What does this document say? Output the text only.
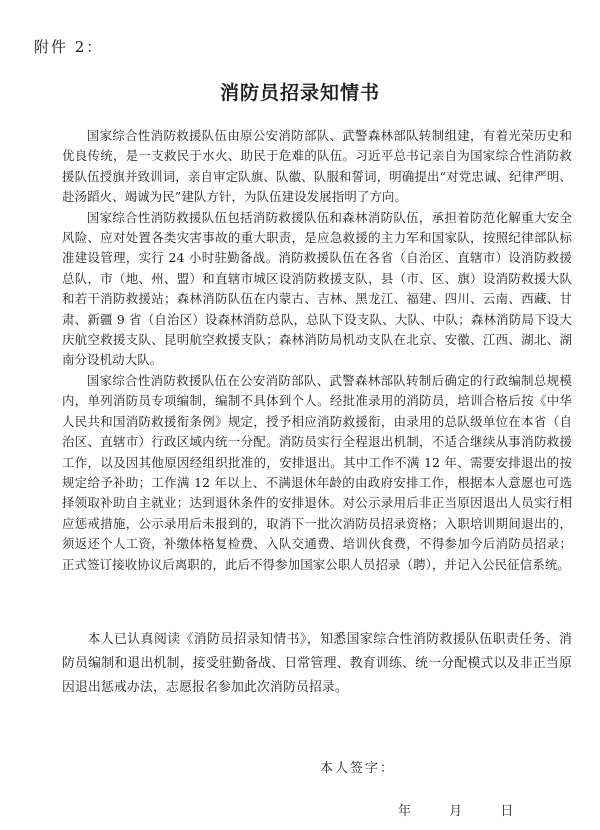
附件 2：
消防员招录知情书

国家综合性消防救援队伍由原公安消防部队、武警森林部队转制组建，有着光荣历史和优良传统，是一支救民于水火、助民于危难的队伍。习近平总书记亲自为国家综合性消防救援队伍授旗并致训词，亲自审定队旗、队徽、队服和誓词，明确提出“对党忠诚、纪律严明、赴汤蹈火、竭诚为民”建队方针，为队伍建设发展指明了方向。

国家综合性消防救援队伍包括消防救援队伍和森林消防队伍，承担着防范化解重大安全风险、应对处置各类灾害事故的重大职责，是应急救援的主力军和国家队，按照纪律部队标准建设管理，实行 24 小时驻勤备战。消防救援队伍在各省（自治区、直辖市）设消防救援总队，市（地、州、盟）和直辖市城区设消防救援支队，县（市、区、旗）设消防救援大队和若干消防救援站；森林消防队伍在内蒙古、吉林、黑龙江、福建、四川、云南、西藏、甘肃、新疆 9 省（自治区）设森林消防总队，总队下设支队、大队、中队；森林消防局下设大庆航空救援支队、昆明航空救援支队；森林消防局机动支队在北京、安徽、江西、湖北、湖南分设机动大队。

国家综合性消防救援队伍在公安消防部队、武警森林部队转制后确定的行政编制总规模内，单列消防员专项编制，编制不具体到个人。经批准录用的消防员，培训合格后按《中华人民共和国消防救援衔条例》规定，授予相应消防救援衔，由录用的总队级单位在本省（自治区、直辖市）行政区域内统一分配。消防员实行全程退出机制，不适合继续从事消防救援工作，以及因其他原因经组织批准的，安排退出。其中工作不满 12 年、需要安排退出的按规定给予补助；工作满 12 年以上、不满退休年龄的由政府安排工作，根据本人意愿也可选择领取补助自主就业；达到退休条件的安排退休。对公示录用后非正当原因退出人员实行相应惩戒措施，公示录用后未报到的，取消下一批次消防员招录资格；入职培训期间退出的，须返还个人工资，补缴体格复检费、入队交通费、培训伙食费，不得参加今后消防员招录；正式签订接收协议后离职的，此后不得参加国家公职人员招录（聘），并记入公民征信系统。

本人已认真阅读《消防员招录知情书》，知悉国家综合性消防救援队伍职责任务、消防员编制和退出机制，接受驻勤备战、日常管理、教育训练、统一分配模式以及非正当原因退出惩戒办法，志愿报名参加此次消防员招录。

本人签字：
年	月	日
